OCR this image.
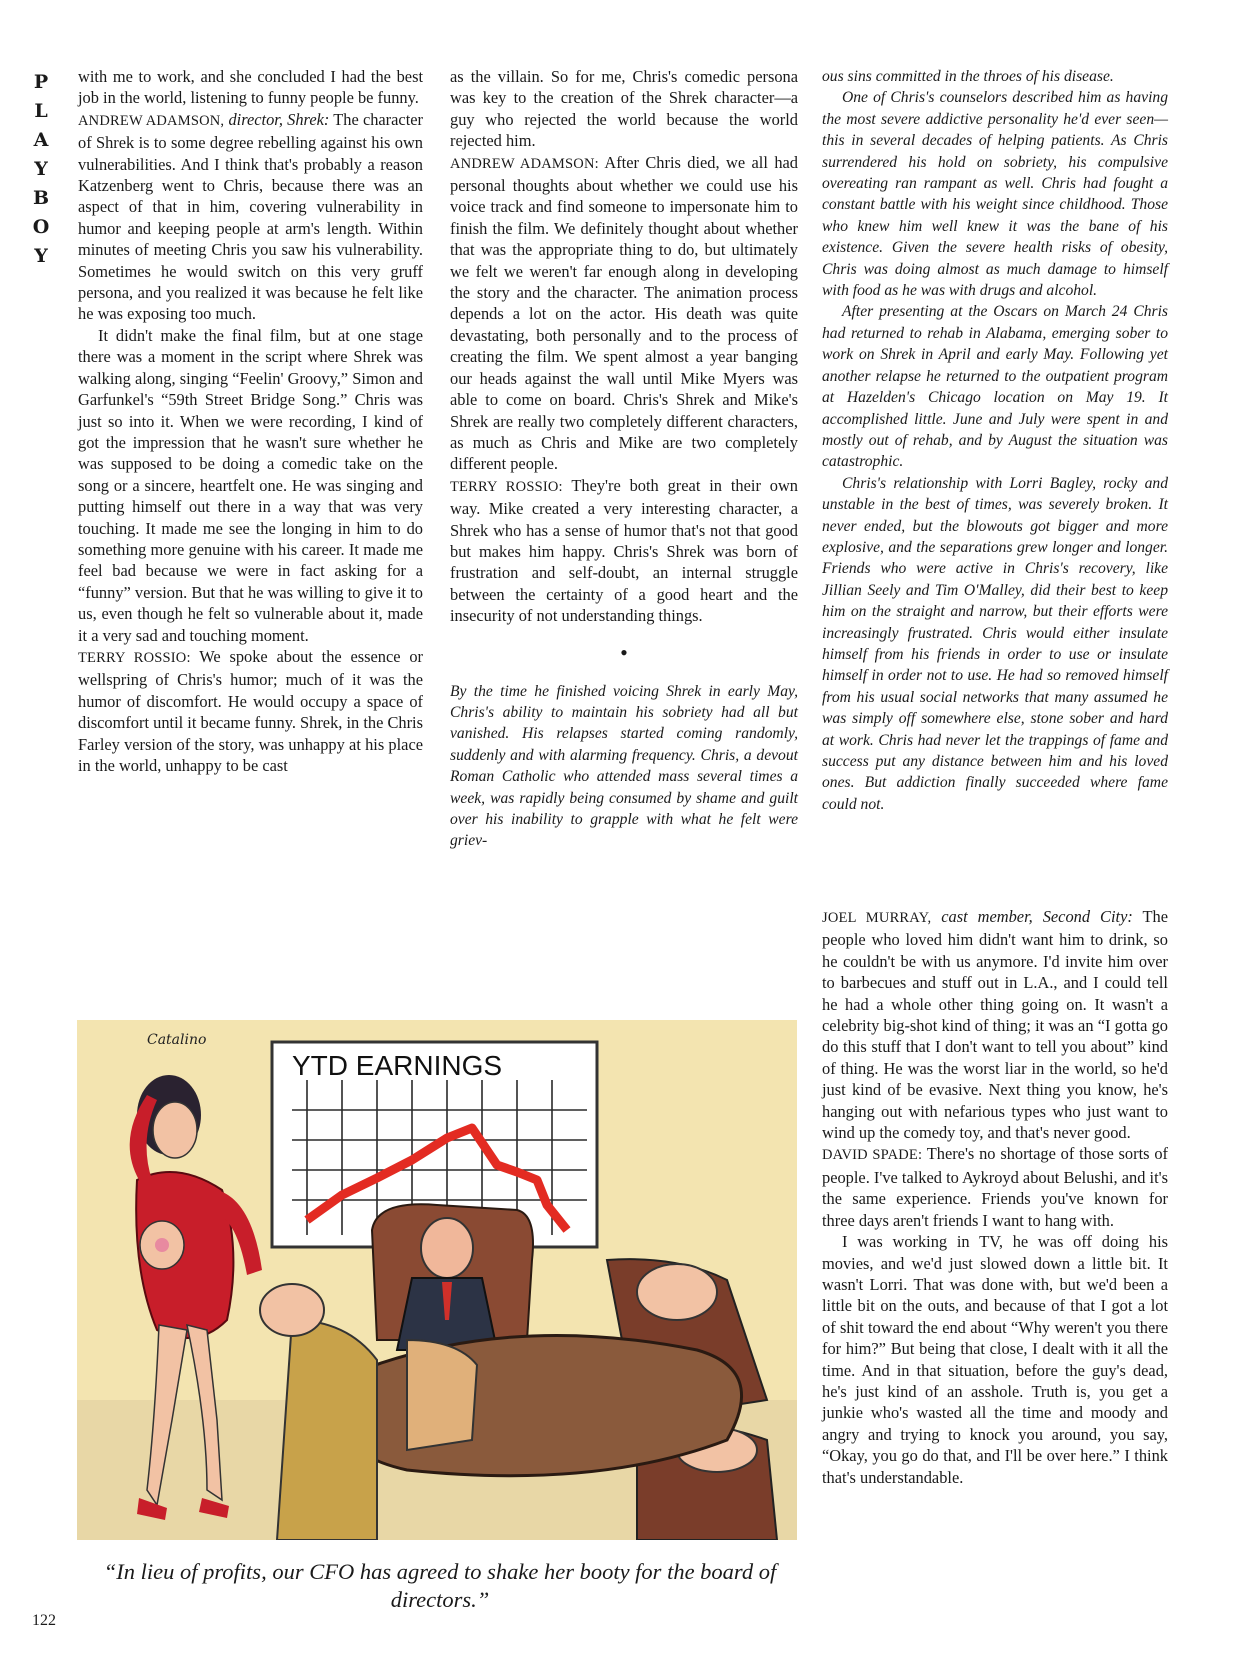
P
L
A
Y
B
O
Y

with me to work, and she concluded I had the best job in the world, listening to funny people be funny.

ANDREW ADAMSON, director, Shrek: The character of Shrek is to some degree rebelling against his own vulnerabilities. And I think that's probably a reason Katzenberg went to Chris, because there was an aspect of that in him, covering vulnerability in humor and keeping people at arm's length. Within minutes of meeting Chris you saw his vulnerability. Sometimes he would switch on this very gruff persona, and you realized it was because he felt like he was exposing too much.

It didn't make the final film, but at one stage there was a moment in the script where Shrek was walking along, singing “Feelin' Groovy,” Simon and Garfunkel's “59th Street Bridge Song.” Chris was just so into it. When we were recording, I kind of got the impression that he wasn't sure whether he was supposed to be doing a comedic take on the song or a sincere, heartfelt one. He was singing and putting himself out there in a way that was very touching. It made me see the longing in him to do something more genuine with his career. It made me feel bad because we were in fact asking for a “funny” version. But that he was willing to give it to us, even though he felt so vulnerable about it, made it a very sad and touching moment.

TERRY ROSSIO: We spoke about the essence or wellspring of Chris's humor; much of it was the humor of discomfort. He would occupy a space of discomfort until it became funny. Shrek, in the Chris Farley version of the story, was unhappy at his place in the world, unhappy to be cast

as the villain. So for me, Chris's comedic persona was key to the creation of the Shrek character—a guy who rejected the world because the world rejected him.

ANDREW ADAMSON: After Chris died, we all had personal thoughts about whether we could use his voice track and find someone to impersonate him to finish the film. We definitely thought about whether that was the appropriate thing to do, but ultimately we felt we weren't far enough along in developing the story and the character. The animation process depends a lot on the actor. His death was quite devastating, both personally and to the process of creating the film. We spent almost a year banging our heads against the wall until Mike Myers was able to come on board. Chris's Shrek and Mike's Shrek are really two completely different characters, as much as Chris and Mike are two completely different people.

TERRY ROSSIO: They're both great in their own way. Mike created a very interesting character, a Shrek who has a sense of humor that's not that good but makes him happy. Chris's Shrek was born of frustration and self-doubt, an internal struggle between the certainty of a good heart and the insecurity of not understanding things.

•

By the time he finished voicing Shrek in early May, Chris's ability to maintain his sobriety had all but vanished. His relapses started coming randomly, suddenly and with alarming frequency. Chris, a devout Roman Catholic who attended mass several times a week, was rapidly being consumed by shame and guilt over his inability to grapple with what he felt were griev-

ous sins committed in the throes of his disease.

One of Chris's counselors described him as having the most severe addictive personality he'd ever seen—this in several decades of helping patients. As Chris surrendered his hold on sobriety, his compulsive overeating ran rampant as well. Chris had fought a constant battle with his weight since childhood. Those who knew him well knew it was the bane of his existence. Given the severe health risks of obesity, Chris was doing almost as much damage to himself with food as he was with drugs and alcohol.

After presenting at the Oscars on March 24 Chris had returned to rehab in Alabama, emerging sober to work on Shrek in April and early May. Following yet another relapse he returned to the outpatient program at Hazelden's Chicago location on May 19. It accomplished little. June and July were spent in and mostly out of rehab, and by August the situation was catastrophic.

Chris's relationship with Lorri Bagley, rocky and unstable in the best of times, was severely broken. It never ended, but the blowouts got bigger and more explosive, and the separations grew longer and longer. Friends who were active in Chris's recovery, like Jillian Seely and Tim O'Malley, did their best to keep him on the straight and narrow, but their efforts were increasingly frustrated. Chris would either insulate himself from his friends in order to use or insulate himself in order not to use. He had so removed himself from his usual social networks that many assumed he was simply off somewhere else, stone sober and hard at work. Chris had never let the trappings of fame and success put any distance between him and his loved ones. But addiction finally succeeded where fame could not.

JOEL MURRAY, cast member, Second City: The people who loved him didn't want him to drink, so he couldn't be with us anymore. I'd invite him over to barbecues and stuff out in L.A., and I could tell he had a whole other thing going on. It wasn't a celebrity big-shot kind of thing; it was an “I gotta go do this stuff that I don't want to tell you about” kind of thing. He was the worst liar in the world, so he'd just kind of be evasive. Next thing you know, he's hanging out with nefarious types who just want to wind up the comedy toy, and that's never good.

DAVID SPADE: There's no shortage of those sorts of people. I've talked to Aykroyd about Belushi, and it's the same experience. Friends you've known for three days aren't friends I want to hang with.

I was working in TV, he was off doing his movies, and we'd just slowed down a little bit. It wasn't Lorri. That was done with, but we'd been a little bit on the outs, and because of that I got a lot of shit toward the end about “Why weren't you there for him?” But being that close, I dealt with it all the time. And in that situation, before the guy's dead, he's just kind of an asshole. Truth is, you get a junkie who's wasted all the time and moody and angry and trying to knock you around, you say, “Okay, you go do that, and I'll be over here.” I think that's understandable.

Catalino
YTD EARNINGS
“In lieu of profits, our CFO has agreed to shake her booty for the board of directors.”
122
